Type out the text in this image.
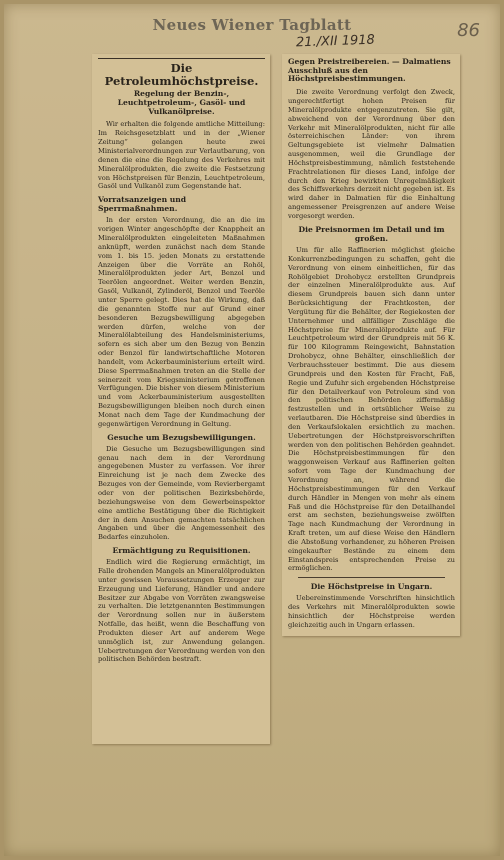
Neues Wiener Tagblatt
21./XII 1918
86
Die Petroleumhöchstpreise.
Regelung der Benzin-, Leuchtpetroleum-, Gasöl- und Vulkanölpreise.

Wir erhalten die folgende amtliche Mitteilung: Im Reichsgesetzblatt und in der „Wiener Zeitung“ gelangen heute zwei Ministerialverordnungen zur Verlautbarung, von denen die eine die Regelung des Verkehres mit Mineralölprodukten, die zweite die Festsetzung von Höchstpreisen für Benzin, Leuchtpetroleum, Gasöl und Vulkanöl zum Gegenstande hat.

Vorratsanzeigen und Sperrmaßnahmen.

In der ersten Verordnung, die an die im vorigen Winter angeschöpfte der Knappheit an Mineralölprodukten eingeleiteten Maßnahmen anknüpft, werden zunächst nach dem Stande vom 1. bis 15. jeden Monats zu erstattende Anzeigen über die Vorräte an Rohöl, Mineralölprodukten jeder Art, Benzol und Teerölen angeordnet. Weiter werden Benzin, Gasöl, Vulkanöl, Zylinderöl, Benzol und Teeröle unter Sperre gelegt. Dies hat die Wirkung, daß die genannten Stoffe nur auf Grund einer besonderen Bezugsbewilligung abgegeben werden dürfen, welche von der Mineralölabteilung des Handelsministeriums, sofern es sich aber um den Bezug von Benzin oder Benzol für landwirtschaftliche Motoren handelt, vom Ackerbauministerium erteilt wird. Diese Sperrmaßnahmen treten an die Stelle der seinerzeit vom Kriegsministerium getroffenen Verfügungen. Die bisher von diesem Ministerium und vom Ackerbauministerium ausgestellten Bezugsbewilligungen bleiben noch durch einen Monat nach dem Tage der Kundmachung der gegenwärtigen Verordnung in Geltung.

Gesuche um Bezugsbewilligungen.

Die Gesuche um Bezugsbewilligungen sind genau nach dem in der Verordnung angegebenen Muster zu verfassen. Vor ihrer Einreichung ist je nach dem Zwecke des Bezuges von der Gemeinde, vom Revierbergamt oder von der politischen Bezirksbehörde, beziehungsweise von dem Gewerbeinspektor eine amtliche Bestätigung über die Richtigkeit der in dem Ansuchen gemachten tatsächlichen Angaben und über die Angemessenheit des Bedarfes einzuholen.

Ermächtigung zu Requisitionen.

Endlich wird die Regierung ermächtigt, im Falle drohenden Mangels an Mineralölprodukten unter gewissen Voraussetzungen Erzeuger zur Erzeugung und Lieferung, Händler und andere Besitzer zur Abgabe von Vorräten zwangsweise zu verhalten. Die letztgenannten Bestimmungen der Verordnung sollen nur in äußerstem Notfalle, das heißt, wenn die Beschaffung von Produkten dieser Art auf anderem Wege unmöglich ist, zur Anwendung gelangen. Uebertretungen der Verordnung werden von den politischen Behörden bestraft.

Gegen Preistreibereien. — Dalmatiens Ausschluß aus den Höchstpreisbestimmungen.

Die zweite Verordnung verfolgt den Zweck, ungerechtfertigt hohen Preisen für Mineralölprodukte entgegenzutreten. Sie gilt, abweichend von der Verordnung über den Verkehr mit Mineralölprodukten, nicht für alle österreichischen Länder: von ihrem Geltungsgebiete ist vielmehr Dalmatien ausgenommen, weil die Grundlage der Höchstpreisbestimmung, nämlich feststehende Frachtrelationen für dieses Land, infolge der durch den Krieg bewirkten Unregelmäßigkeit des Schiffsverkehrs derzeit nicht gegeben ist. Es wird daher in Dalmatien für die Einhaltung angemessener Preisgrenzen auf andere Weise vorgesorgt werden.

Die Preisnormen im Detail und im großen.

Um für alle Raffinerien möglichst gleiche Konkurrenzbedingungen zu schaffen, geht die Verordnung von einem einheitlichen, für das Rohölgebiet Drohobycz erstellten Grundpreis der einzelnen Mineralölprodukte aus. Auf diesem Grundpreis bauen sich dann unter Berücksichtigung der Frachtkosten, der Vergütung für die Behälter, der Regiekosten der Unternehmer und allfälliger Zuschläge die Höchstpreise für Mineralölprodukte auf. Für Leuchtpetroleum wird der Grundpreis mit 56 K. für 100 Kilogramm Reingewicht, Bahnstation Drohobycz, ohne Behälter, einschließlich der Verbrauchssteuer bestimmt. Die aus diesem Grundpreis und den Kosten für Fracht, Faß, Regie und Zufuhr sich ergebenden Höchstpreise für den Detailverkauf von Petroleum sind von den politischen Behörden ziffermäßig festzustellen und in ortsüblicher Weise zu verlautbaren. Die Höchstpreise sind überdies in den Verkaufslokalen ersichtlich zu machen. Uebertretungen der Höchstpreisvorschriften werden von den politischen Behörden geahndet. Die Höchstpreisbestimmungen für den waggonweisen Verkauf aus Raffinerien gelten sofort vom Tage der Kundmachung der Verordnung an, während die Höchstpreisbestimmungen für den Verkauf durch Händler in Mengen von mehr als einem Faß und die Höchstpreise für den Detailhandel erst am sechsten, beziehungsweise zwölften Tage nach Kundmachung der Verordnung in Kraft treten, um auf diese Weise den Händlern die Abstoßung vorhandener, zu höheren Preisen eingekaufter Bestände zu einem dem Einstandspreis entsprechenden Preise zu ermöglichen.

Die Höchstpreise in Ungarn.

Uebereinstimmende Vorschriften hinsichtlich des Verkehrs mit Mineralölprodukten sowie hinsichtlich der Höchstpreise werden gleichzeitig auch in Ungarn erlassen.
